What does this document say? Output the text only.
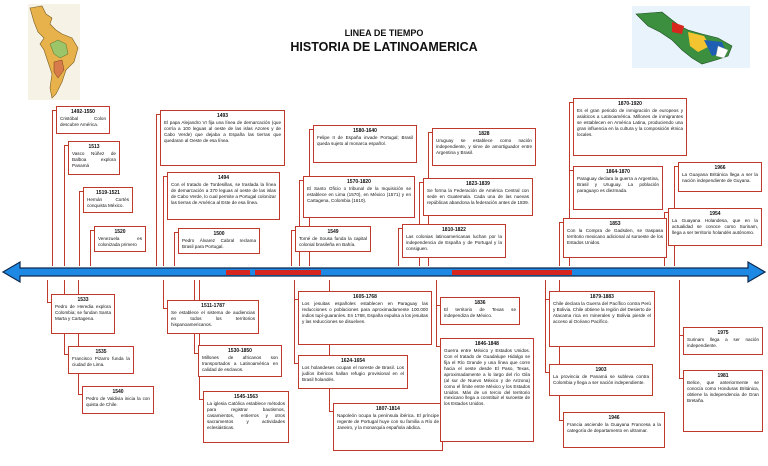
LINEA DE TIEMPO
HISTORIA DE LATINOAMERICA
1492-1550
Cristóbal Colon descubre América.
1513
Vasco Núñez de Balboa explora Panamá
1519-1521
Hernán Cortés conquista México.
1520
Venezuela es colonizada primero
1493
El papa Alejandro VI fija una línea de demarcación (que corría a 100 leguas al oeste de las islas Azores y de Cabo Verde) que dejaba a España las tierras que quedaran al Oeste de esa línea.
1494
Con el tratado de Tordesillas, se traslada la línea de demarcación a 370 leguas al oeste de las islas de Cabo Verde, lo cual permite a Portugal colonizar las tierras de América al Este de esa línea.
1500
Pedro Álvarez Cabral reclama Brasil para Portugal.
1580-1640
Felipe II de España invade Portugal; Brasil queda sujeto al monarca español.
1570-1820
El Santo Oficio o tribunal de la Inquisición se establece en Lima (1570), en México (1571) y en Cartagena, Colombia (1610).
1549
Tomé de Sousa funda la capital colonial brasileña en Bahía.
1828
Uruguay se establece como nación independiente, y sirve de amortiguador entre Argentina y Brasil.
1823-1839
Se forma la Federación de América Central con sede en Guatemala. Cada una de las nuevas repúblicas abandona la federación antes de 1839.
1810-1822
Las colonias latinoamericanas luchan por la independencia de España y de Portugal y la consiguen.
1870-1920
Es el gran periodo de inmigración de europeos y asiáticos a Latinoamérica. Millones de inmigrantes se establecen en América Latina, produciendo una gran influencia en la cultura y la composición étnica locales.
1864-1870
Paraguay declara la guerra a Argentina, Brasil y Uruguay. La población paraguayo es diezmada.
1853
Con la Compra de Gadsden, se traspasa territorio mexicano adicional al suroeste de los Estados Unidos.
1966
La Guayana Británica llega a ser la nación independiente de Guyana.
1954
La Guayana Holandesa, que en la actualidad se conoce como Surinam, llega a ser territorio holandés autónomo.
1533
Pedro de Heredia explora Colombia; se fundan Santa Marta y Cartagena.
1535
Francisco Pizarro funda la ciudad de Lima.
1540
Pedro de Valdivia inicia la con quista de Chile.
1511-1787
Se establece el sistema de audiencias en todos los territorios hispanoamericanos.
1530-1850
Millones de africanos son transportados a Latinoamérica en calidad de esclavos.
1545-1563
La iglesia Católica establece métodos para registrar bautismos, casamientos, entierros y otros sacramentos y actividades eclesiásticas.
1605-1768
Los jesuitas españoles establecen en Paraguay las reducciones o poblaciones para aproximadamente 100.000 indios tupí-guaraníes. En 1768, España expulsa a los jesuitas y las reducciones se disuelven.
1624-1654
Los holandeses ocupan el noreste de Brasil. Los judíos ibéricos hallan refugio provisional en el Brasil holandés.
1807-1814
Napoleón ocupa la península ibérica. El príncipe regente de Portugal huye con su familia a Río de Janeiro, y la monarquía española abdica.
1836
El territorio de Texas se independiza de México.
1846-1848
Guerra entre México y Estados Unidos. Con el tratado de Guadalupe Hidalgo se fija el Río Grande y una línea que corre hacia el oeste desde El Paso, Texas, aproximadamente a lo largo del río Gila (al sur de Nuevo México y de Arizona) como el límite entre México y los Estados Unidos. Más de un tercio del territorio mexicano llega a constituir el suroeste de los Estados Unidos.
1879-1883
Chile declara la Guerra del Pacífico contra Perú y Bolivia. Chile obtiene la región del Desierto de Atacama rica en minerales y Bolivia pierde el acceso al Océano Pacífico.
1903
La provincia de Panamá se subleva contra Colombia y llega a ser nación independiente.
1946
Francia asciende la Guayana Francesa a la categoría de departamento en ultramar.
1975
Surinam llega a ser nación independiente.
1981
Belice, que anteriormente se conocía como Honduras Británica, obtiene la independencia de Gran Bretaña.
